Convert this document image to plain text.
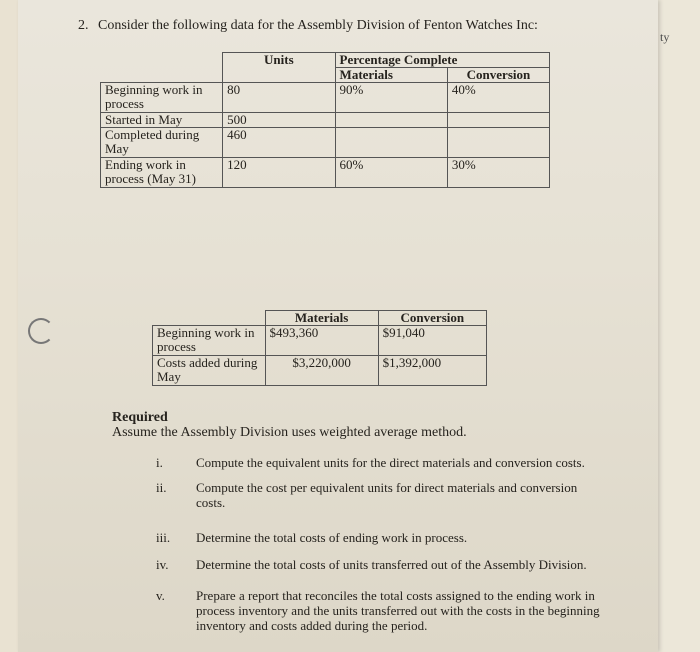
ty
2. Consider the following data for the Assembly Division of Fenton Watches Inc:
	Units	Percentage Complete	
		Materials	Conversion
Beginning work in process	80	90%	40%
Started in May	500		
Completed during May	460		
Ending work in process (May 31)	120	60%	30%
	Materials	Conversion
Beginning work in process	$493,360	$91,040
Costs added during May	$3,220,000	$1,392,000
Required
Assume the Assembly Division uses weighted average method.
i.	Compute the equivalent units for the direct materials and conversion costs.
ii.	Compute the cost per equivalent units for direct materials and conversion costs.
iii.	Determine the total costs of ending work in process.
iv.	Determine the total costs of units transferred out of the Assembly Division.
v.	Prepare a report that reconciles the total costs assigned to the ending work in process inventory and the units transferred out with the costs in the beginning inventory and costs added during the period.
